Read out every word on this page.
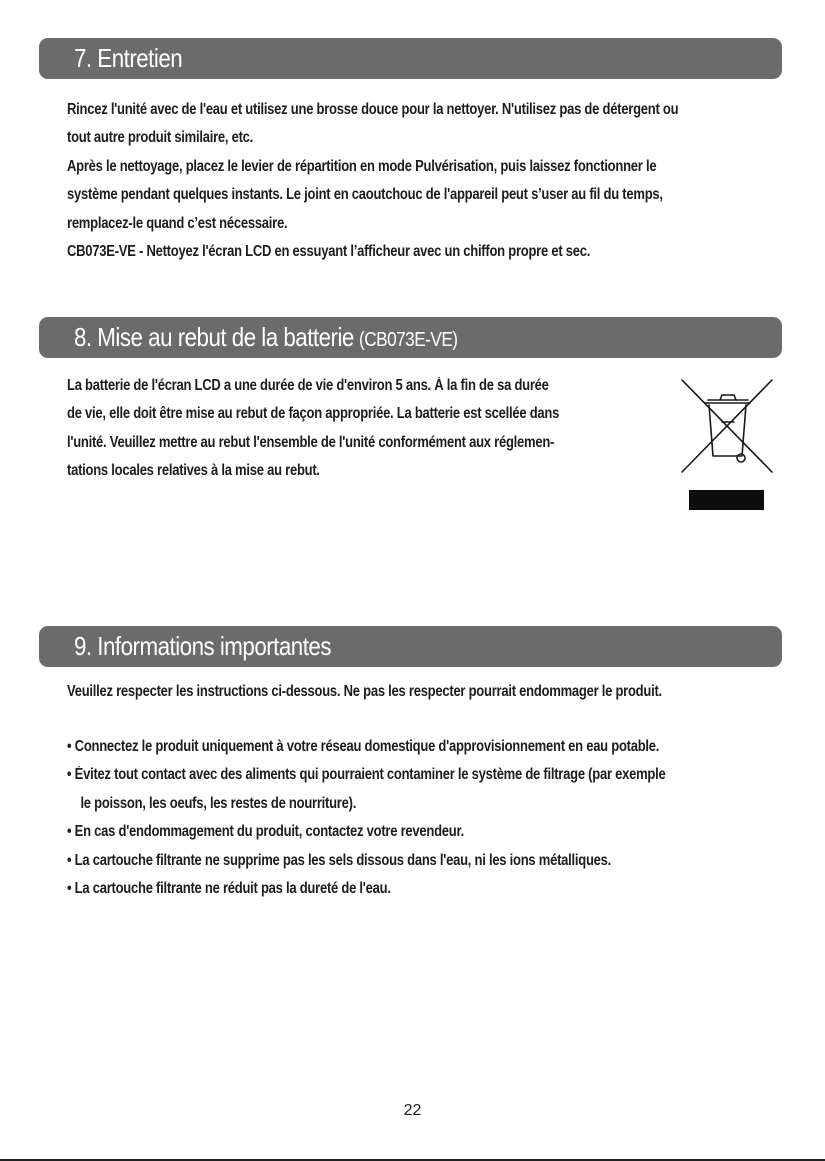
7. Entretien
Rincez l'unité avec de l'eau et utilisez une brosse douce pour la nettoyer. N'utilisez pas de détergent ou
tout autre produit similaire, etc.
Après le nettoyage, placez le levier de répartition en mode Pulvérisation, puis laissez fonctionner le
système pendant quelques instants. Le joint en caoutchouc de l'appareil peut s’user au fil du temps,
remplacez-le quand c’est nécessaire.
CB073E-VE - Nettoyez l'écran LCD en essuyant l’afficheur avec un chiffon propre et sec.
8. Mise au rebut de la batterie (CB073E-VE)
La batterie de l'écran LCD a une durée de vie d'environ 5 ans. À la fin de sa durée
de vie, elle doit être mise au rebut de façon appropriée. La batterie est scellée dans
l'unité. Veuillez mettre au rebut l'ensemble de l'unité conformément aux réglemen-
tations locales relatives à la mise au rebut.
9. Informations importantes
Veuillez respecter les instructions ci-dessous. Ne pas les respecter pourrait endommager le produit.
• Connectez le produit uniquement à votre réseau domestique d'approvisionnement en eau potable.
• Évitez tout contact avec des aliments qui pourraient contaminer le système de filtrage (par exemple
le poisson, les oeufs, les restes de nourriture).
• En cas d'endommagement du produit, contactez votre revendeur.
• La cartouche filtrante ne supprime pas les sels dissous dans l'eau, ni les ions métalliques.
• La cartouche filtrante ne réduit pas la dureté de l'eau.
22
